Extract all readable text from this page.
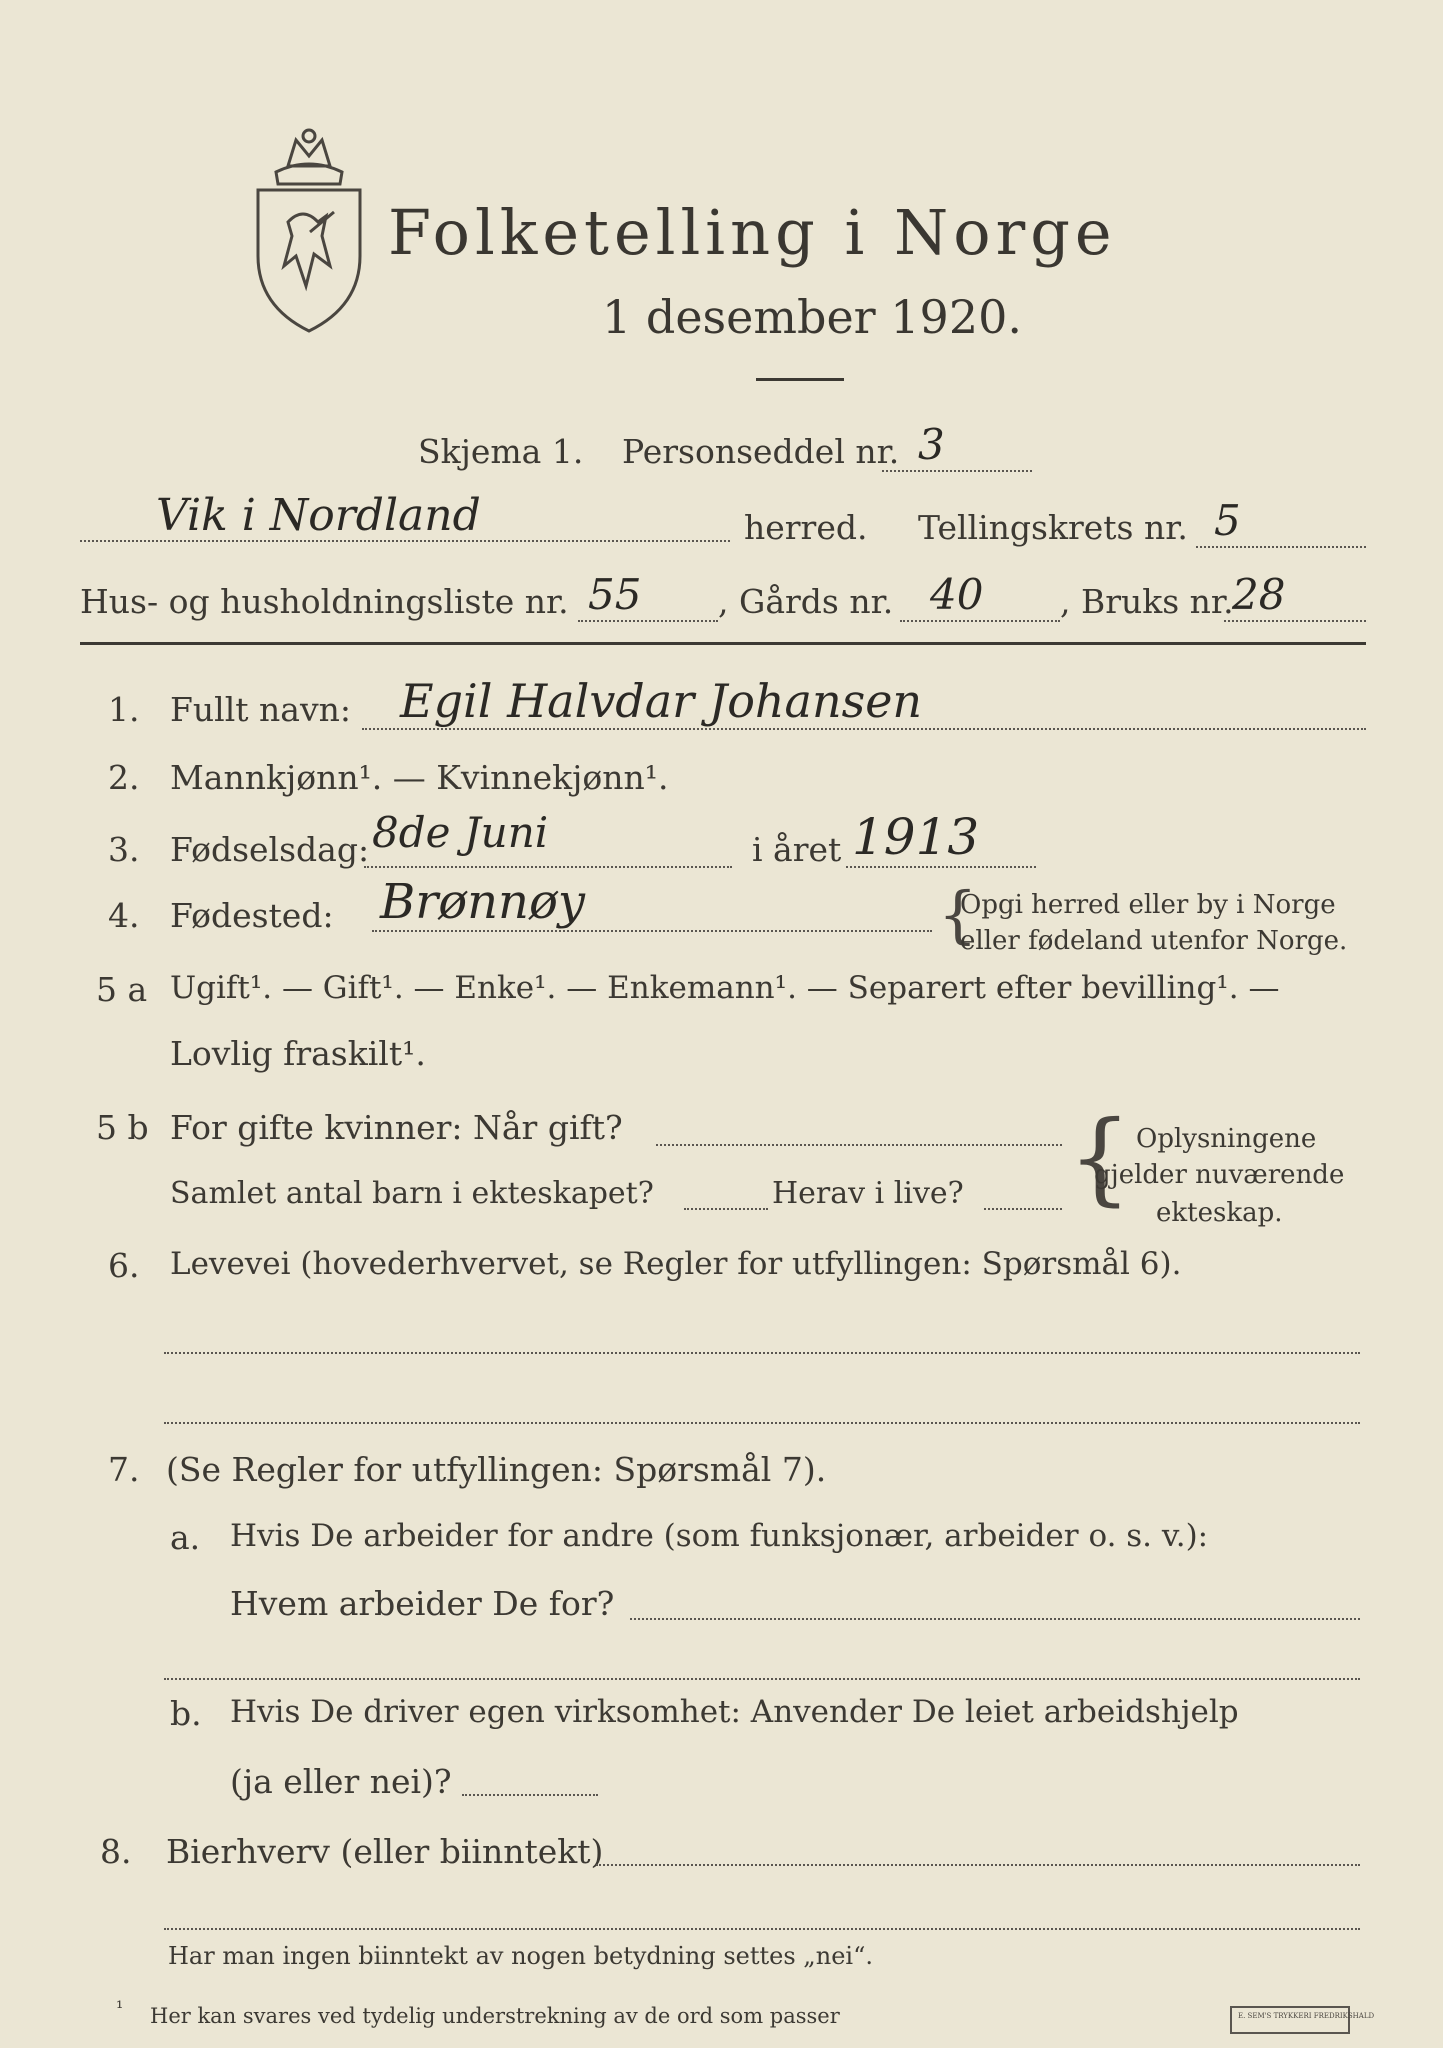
Folketelling i Norge
1 desember 1920.
Skjema 1. Personseddel nr. 3
Vik i Nordland	herred. Tellingskrets nr. 5
Hus- og husholdningsliste nr. 55 , Gårds nr. 40 , Bruks nr.
28
1. Fullt navn: Egil Halvdar Johansen
2. Mannkjønn¹. — Kvinnekjønn¹.
3. Fødselsdag: 8de Juni	i året 1913
4. Fødested: Brønnøy	{
Opgi herred eller by i Norge
eller fødeland utenfor Norge.
5 a Ugift¹. — Gift¹. — Enke¹. — Enkemann¹. — Separert efter bevilling¹. —
Lovlig fraskilt¹.
5 b For gifte kvinner: Når gift?
Samlet antal barn i ekteskapet?	Herav i live? { Oplysningene
gjelder nuværende
ekteskap.
6. Levevei (hovederhvervet, se Regler for utfyllingen: Spørsmål 6).
7. (Se Regler for utfyllingen: Spørsmål 7).
a. Hvis De arbeider for andre (som funksjonær, arbeider o. s. v.):
Hvem arbeider De for?
b. Hvis De driver egen virksomhet: Anvender De leiet arbeidshjelp
(ja eller nei)?
8. Bierhverv (eller biinntekt)
Har man ingen biinntekt av nogen betydning settes „nei“.
¹ Her kan svares ved tydelig understrekning av de ord som passer	E. SEM'S TRYKKERI FREDRIKSHALD
